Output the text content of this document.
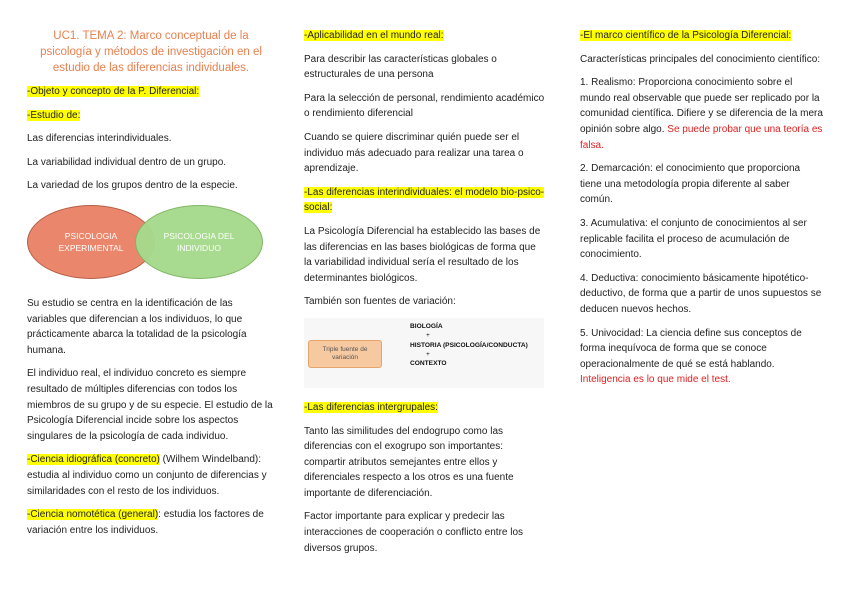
UC1. TEMA 2: Marco conceptual de la psicología y métodos de investigación en el estudio de las diferencias individuales.

-Objeto y concepto de la P. Diferencial:

-Estudio de:

Las diferencias interindividuales.

La variabilidad individual dentro de un grupo.

La variedad de los grupos dentro de la especie.

PSICOLOGIA EXPERIMENTAL
PSICOLOGIA DEL INDIVIDUO

Su estudio se centra en la identificación de las variables que diferencian a los individuos, lo que prácticamente abarca la totalidad de la psicología humana.

El individuo real, el individuo concreto es siempre resultado de múltiples diferencias con todos los miembros de su grupo y de su especie. El estudio de la Psicología Diferencial incide sobre los aspectos singulares de la psicología de cada individuo.

-Ciencia idiográfica (concreto) (Wilhem Windelband): estudia al individuo como un conjunto de diferencias y similaridades con el resto de los individuos.

-Ciencia nomotética (general): estudia los factores de variación entre los individuos.

-Aplicabilidad en el mundo real:

Para describir las características globales o estructurales de una persona

Para la selección de personal, rendimiento académico o rendimiento diferencial

Cuando se quiere discriminar quién puede ser el individuo más adecuado para realizar una tarea o aprendizaje.

-Las diferencias interindividuales: el modelo bio-psico-social:

La Psicología Diferencial ha establecido las bases de las diferencias en las bases biológicas de forma que la variabilidad individual sería el resultado de los determinantes biológicos.

También son fuentes de variación:

Triple fuente de variación
BIOLOGÍA
+
HISTORIA (PSICOLOGÍA/CONDUCTA)
+
CONTEXTO

-Las diferencias intergrupales:

Tanto las similitudes del endogrupo como las diferencias con el exogrupo son importantes: compartir atributos semejantes entre ellos y diferenciales respecto a los otros es una fuente importante de diferenciación.

Factor importante para explicar y predecir las interacciones de cooperación o conflicto entre los diversos grupos.

-El marco científico de la Psicología Diferencial:

Características principales del conocimiento científico:

1. Realismo: Proporciona conocimiento sobre el mundo real observable que puede ser replicado por la comunidad científica. Difiere y se diferencia de la mera opinión sobre algo. Se puede probar que una teoría es falsa.

2. Demarcación: el conocimiento que proporciona tiene una metodología propia diferente al saber común.

3. Acumulativa: el conjunto de conocimientos al ser replicable facilita el proceso de acumulación de conocimiento.

4. Deductiva: conocimiento básicamente hipotético-deductivo, de forma que a partir de unos supuestos se deducen nuevos hechos.

5. Univocidad: La ciencia define sus conceptos de forma inequívoca de forma que se conoce operacionalmente de qué se está hablando.
Inteligencia es lo que mide el test.
